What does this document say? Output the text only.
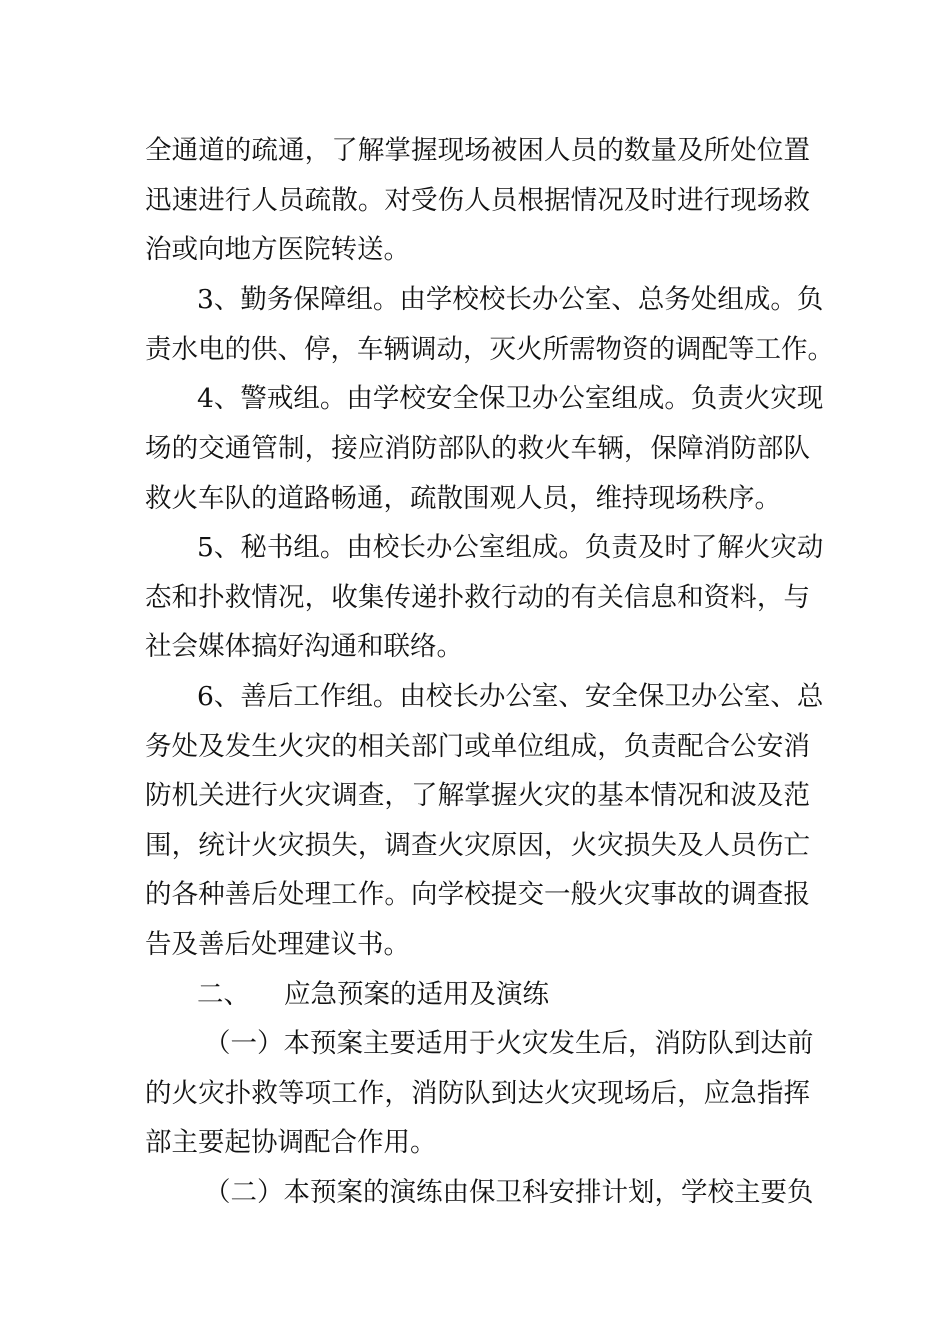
全通道的疏通，了解掌握现场被困人员的数量及所处位置
迅速进行人员疏散。对受伤人员根据情况及时进行现场救
治或向地方医院转送。
3、勤务保障组。由学校校长办公室、总务处组成。负
责水电的供、停，车辆调动，灭火所需物资的调配等工作。
4、警戒组。由学校安全保卫办公室组成。负责火灾现
场的交通管制，接应消防部队的救火车辆，保障消防部队
救火车队的道路畅通，疏散围观人员，维持现场秩序。
5、秘书组。由校长办公室组成。负责及时了解火灾动
态和扑救情况，收集传递扑救行动的有关信息和资料，与
社会媒体搞好沟通和联络。
6、善后工作组。由校长办公室、安全保卫办公室、总
务处及发生火灾的相关部门或单位组成，负责配合公安消
防机关进行火灾调查，了解掌握火灾的基本情况和波及范
围，统计火灾损失，调查火灾原因，火灾损失及人员伤亡
的各种善后处理工作。向学校提交一般火灾事故的调查报
告及善后处理建议书。
二、 应急预案的适用及演练
（一）本预案主要适用于火灾发生后，消防队到达前
的火灾扑救等项工作，消防队到达火灾现场后，应急指挥
部主要起协调配合作用。
（二）本预案的演练由保卫科安排计划，学校主要负
